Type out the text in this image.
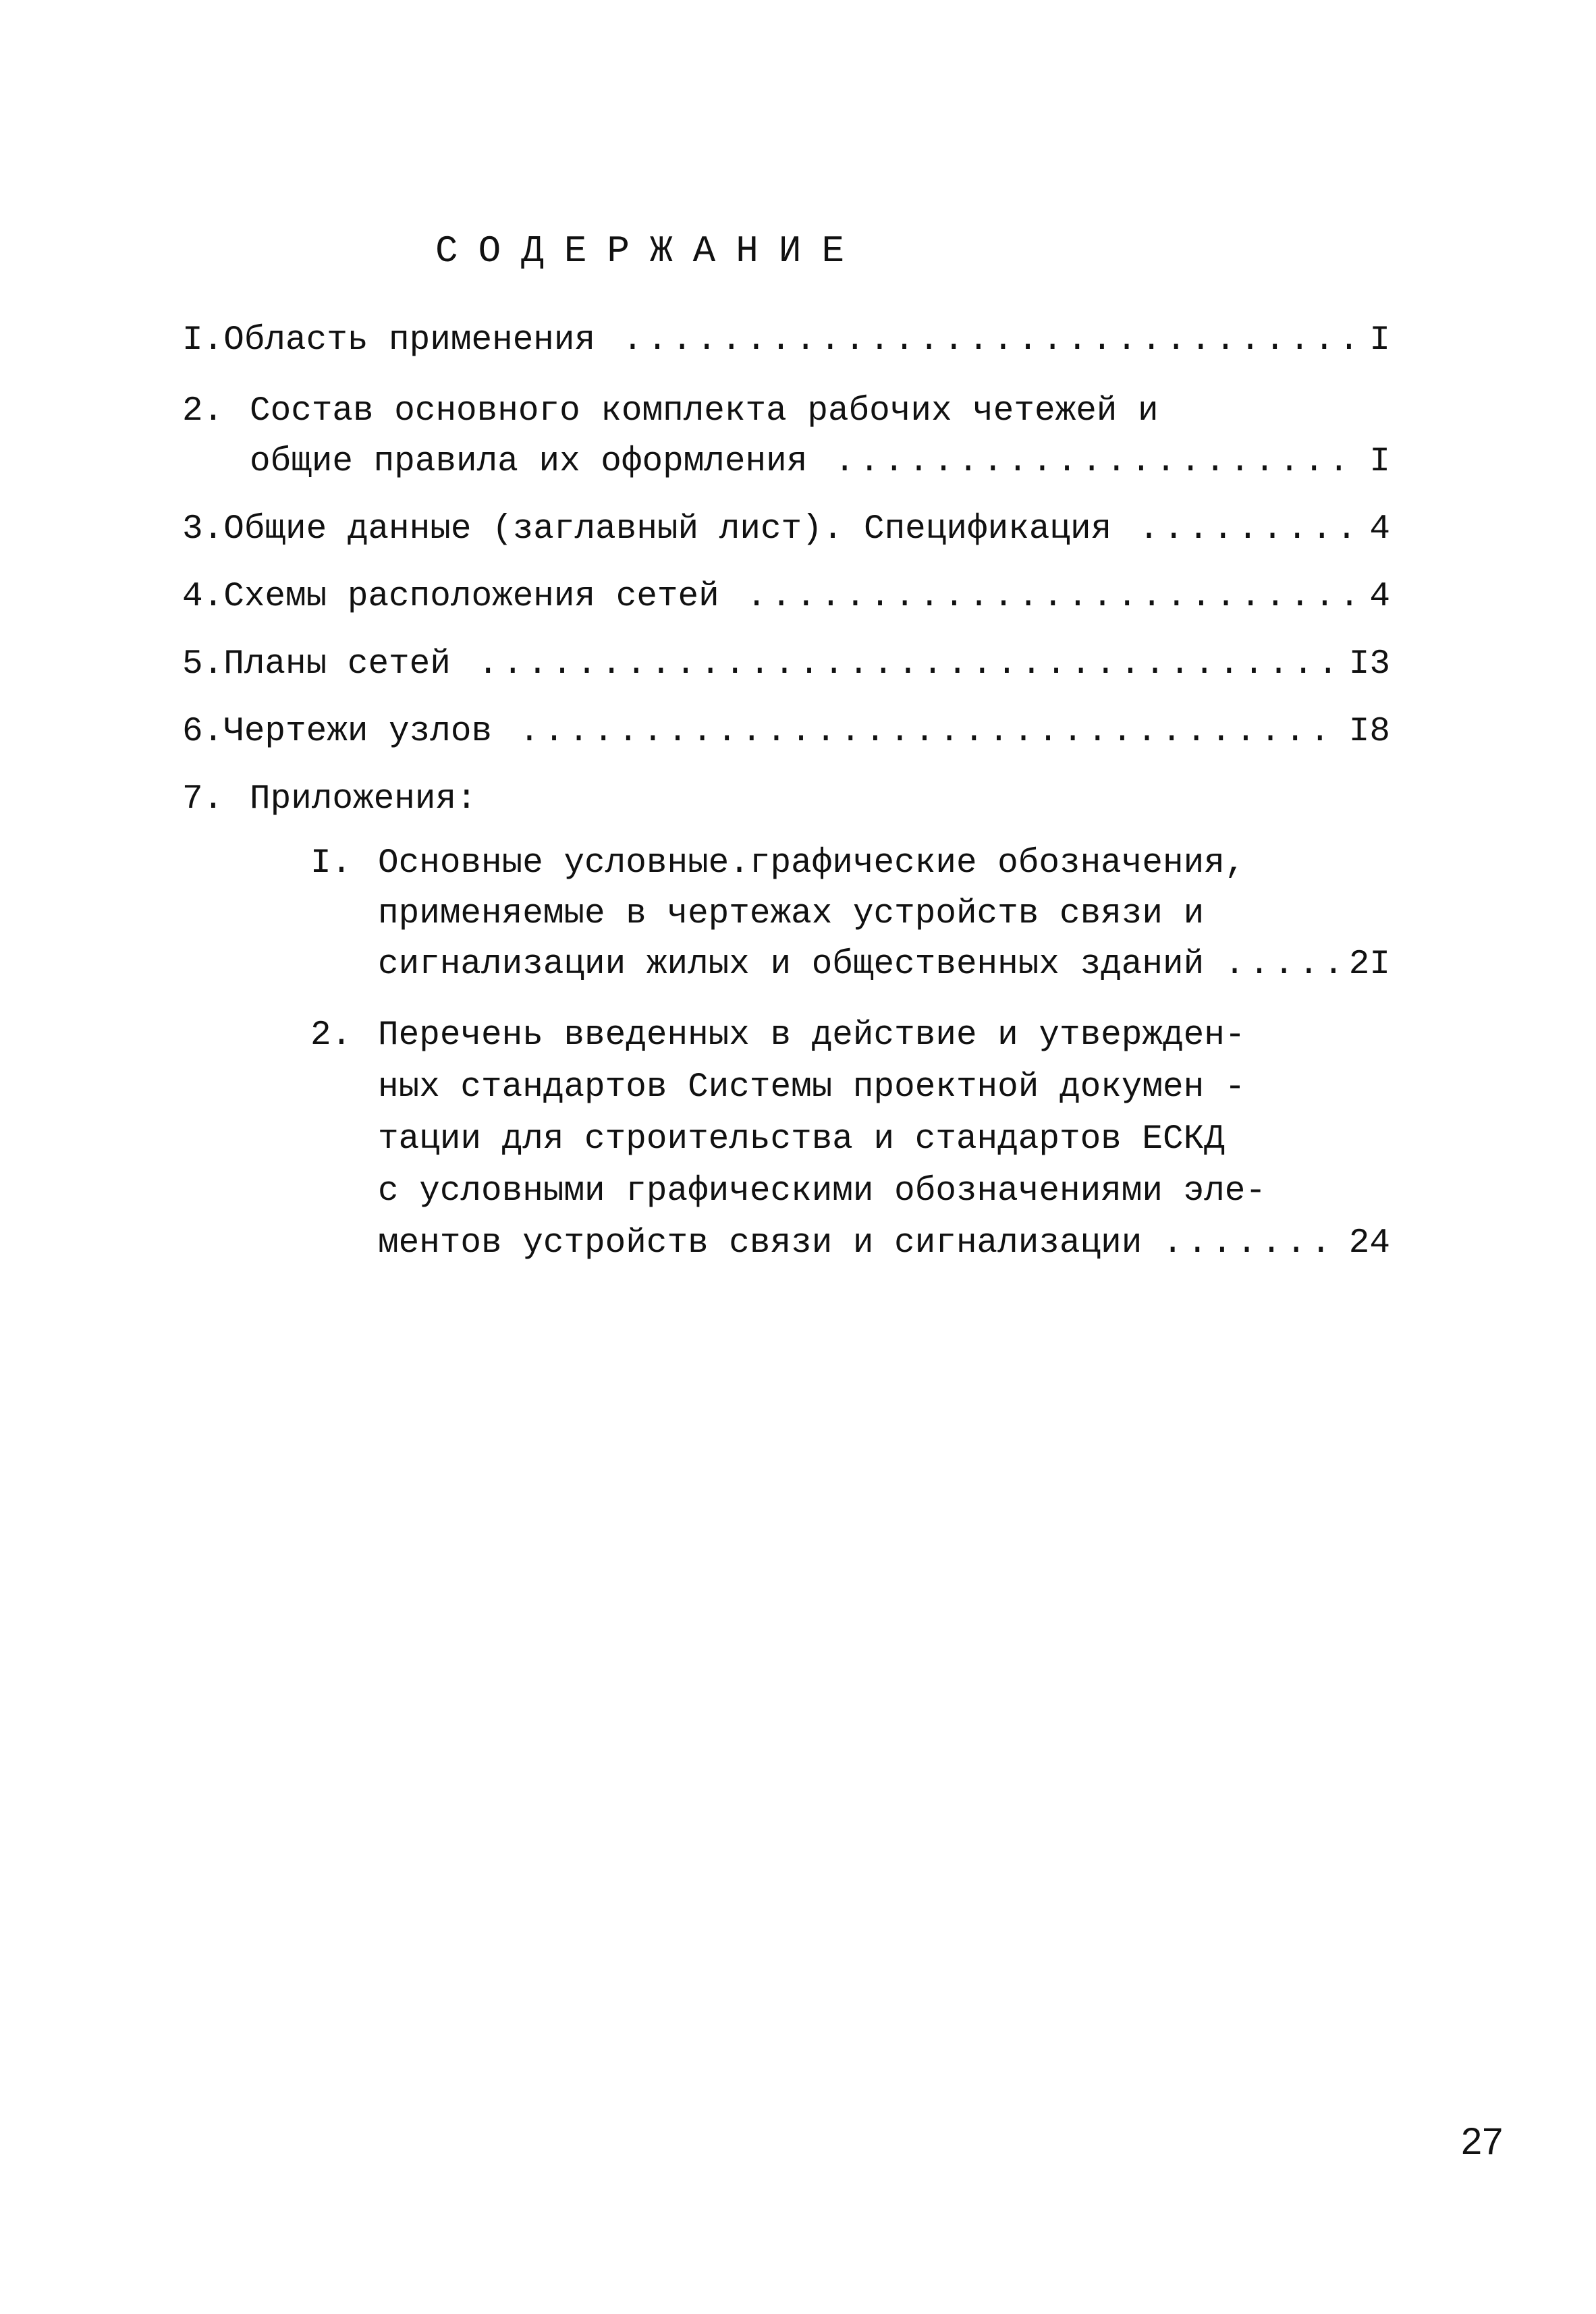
СОДЕРЖАНИЕ
I. Область применения .....	I
2. Состав основного комплекта рабочих четежей и
общие правила их оформления .....	I
3. Общие данные (заглавный лист). Спецификация .....	4
4. Схемы расположения сетей .....	4
5. Планы сетей .....	I3
6. Чертежи узлов .....	I8
7. Приложения:
I. Основные условные.графические обозначения,
применяемые в чертежах устройств связи и
сигнализации жилых и общественных зданий .....	2I
2. Перечень введенных в действие и утвержден-
ных стандартов Системы проектной докумен -
тации для строительства и стандартов ЕСКД
с условными графическими обозначениями эле-
ментов устройств связи и сигнализации .....	24
27
